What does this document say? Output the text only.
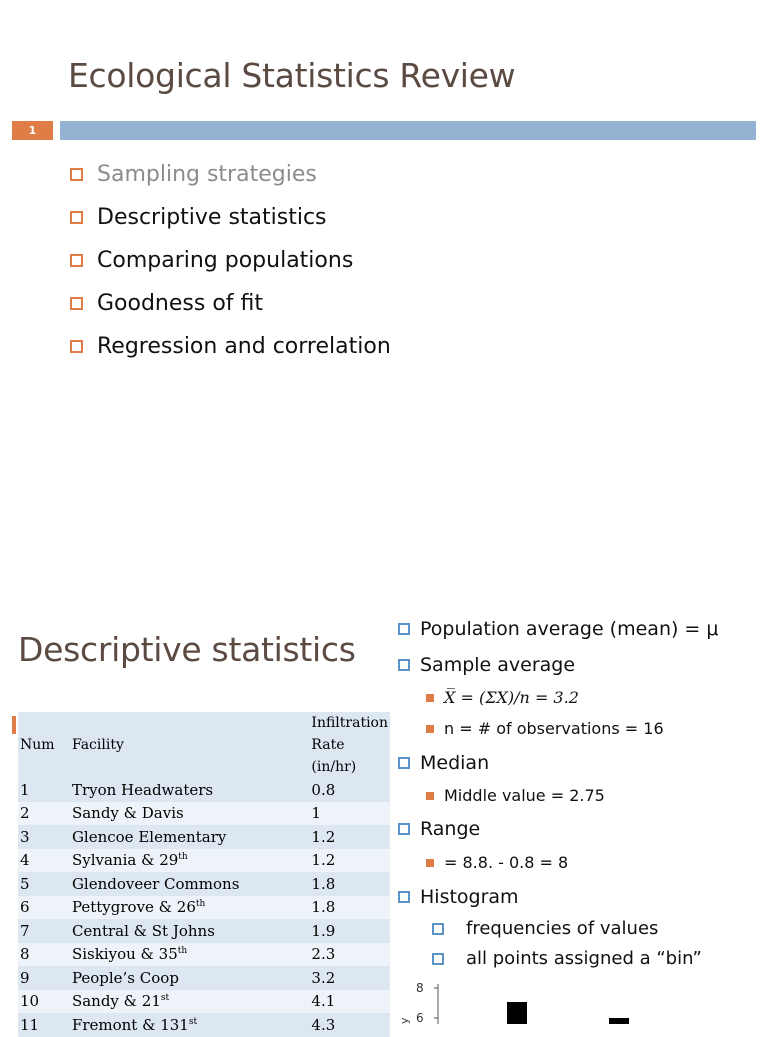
Ecological Statistics Review
1
Sampling strategies
Descriptive statistics
Comparing populations
Goodness of fit
Regression and correlation
Descriptive statistics
Num	Facility	Infiltration
Rate
(in/hr)

1	Tryon Headwaters	0.8
2	Sandy & Davis	1
3	Glencoe Elementary	1.2
4	Sylvania & 29th	1.2
5	Glendoveer Commons	1.8
6	Pettygrove & 26th	1.8
7	Central & St Johns	1.9
8	Siskiyou & 35th	2.3
9	People’s Coop	3.2
10	Sandy & 21st	4.1
11	Fremont & 131st	4.3
Population average (mean) = μ
Sample average
X̅ = (ΣX)/n = 3.2
n = # of observations = 16
Median
Middle value = 2.75
Range
= 8.8. - 0.8 = 8
Histogram
frequencies of values
all points assigned a “bin”
8
6
y
